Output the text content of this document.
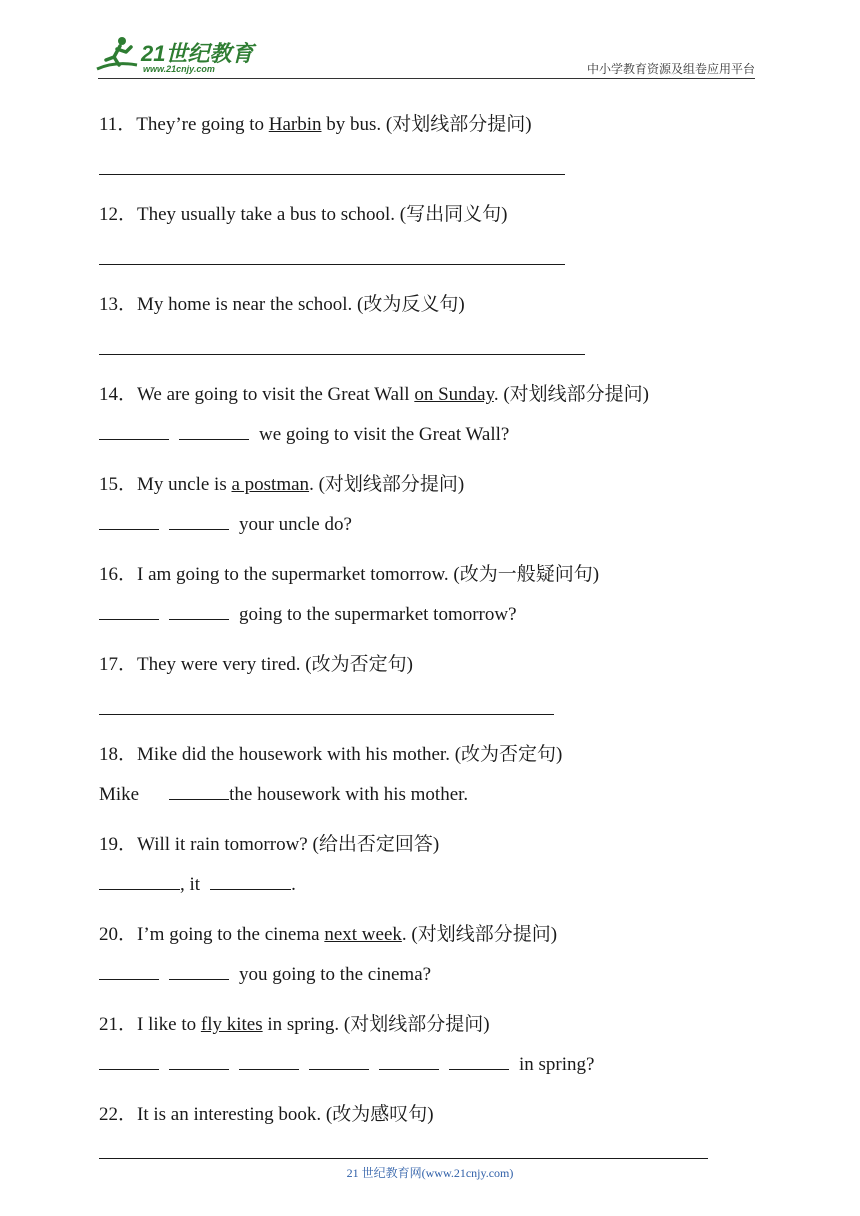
21世纪教育
www.21cnjy.com	中小学教育资源及组卷应用平台
11．They’re going to Harbin by bus. (对划线部分提问)
12．They usually take a bus to school. (写出同义句)
13．My home is near the school. (改为反义句)
14．We are going to visit the Great Wall on Sunday. (对划线部分提问)
we going to visit the Great Wall?
15．My uncle is a postman. (对划线部分提问)
your uncle do?
16．I am going to the supermarket tomorrow. (改为一般疑问句)
going to the supermarket tomorrow?
17．They were very tired. (改为否定句)
18．Mike did the housework with his mother. (改为否定句)
Mike	the housework with his mother.
19．Will it rain tomorrow? (给出否定回答)
, it	.
20．I’m going to the cinema next week. (对划线部分提问)
you going to the cinema?
21．I like to fly kites in spring. (对划线部分提问)
in spring?
22．It is an interesting book. (改为感叹句)
21 世纪教育网(www.21cnjy.com)
